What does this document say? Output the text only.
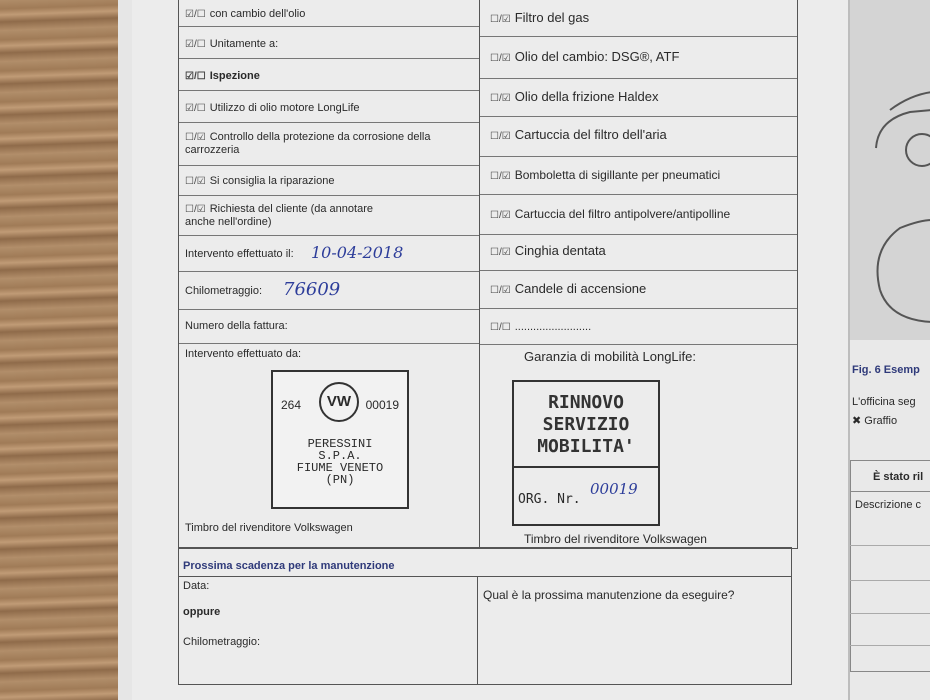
☑/☐ con cambio dell'olio
☑/☐ Unitamente a:
☑/☐ Ispezione
☑/☐ Utilizzo di olio motore LongLife
☐/☑ Controllo della protezione da corrosione della carrozzeria
☐/☑ Si consiglia la riparazione
☐/☑ Richiesta del cliente (da annotare anche nell'ordine)
Intervento effettuato il: 10-04-2018
Chilometraggio: 76609
Numero della fattura:
Intervento effettuato da:
264	VW	00019
PERESSINI
S.P.A.
FIUME VENETO
(PN)
Timbro del rivenditore Volkswagen
☐/☑ Filtro del gas
☐/☑ Olio del cambio: DSG®, ATF
☐/☑ Olio della frizione Haldex
☐/☑ Cartuccia del filtro dell'aria
☐/☑ Bomboletta di sigillante per pneumatici
☐/☑ Cartuccia del filtro antipolvere/antipolline
☐/☑ Cinghia dentata
☐/☑ Candele di accensione
☐/☐ .........................
Garanzia di mobilità LongLife:
RINNOVO
SERVIZIO
MOBILITA'
ORG. Nr.
00019
Timbro del rivenditore Volkswagen
Prossima scadenza per la manutenzione
Data:
oppure
Chilometraggio:
Qual è la prossima manutenzione da eseguire?
Fig. 6 Esemp
L'officina seg
✖ Graffio
È stato ril
Descrizione c
